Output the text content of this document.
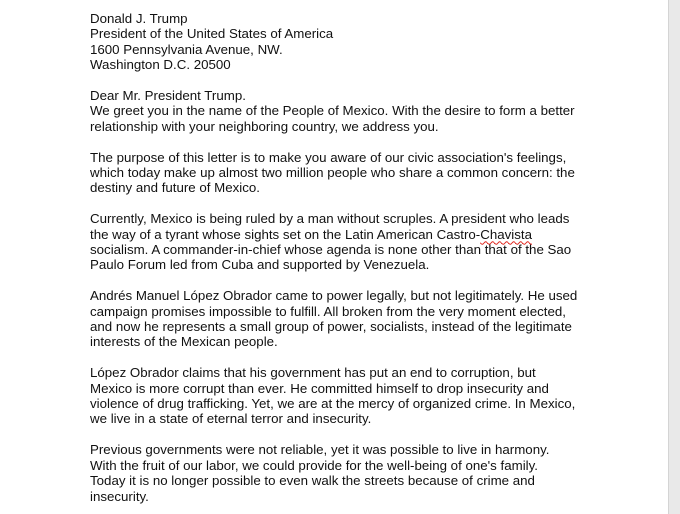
Donald J. Trump
President of the United States of America
1600 Pennsylvania Avenue, NW.
Washington D.C. 20500
Dear Mr. President Trump.
We greet you in the name of the People of Mexico. With the desire to form a better
relationship with your neighboring country, we address you.
The purpose of this letter is to make you aware of our civic association's feelings,
which today make up almost two million people who share a common concern: the
destiny and future of Mexico.
Currently, Mexico is being ruled by a man without scruples. A president who leads
the way of a tyrant whose sights set on the Latin American Castro-Chavista
socialism. A commander-in-chief whose agenda is none other than that of the Sao
Paulo Forum led from Cuba and supported by Venezuela.
Andrés Manuel López Obrador came to power legally, but not legitimately. He used
campaign promises impossible to fulfill. All broken from the very moment elected,
and now he represents a small group of power, socialists, instead of the legitimate
interests of the Mexican people.
López Obrador claims that his government has put an end to corruption, but
Mexico is more corrupt than ever. He committed himself to drop insecurity and
violence of drug trafficking. Yet, we are at the mercy of organized crime. In Mexico,
we live in a state of eternal terror and insecurity.
Previous governments were not reliable, yet it was possible to live in harmony.
With the fruit of our labor, we could provide for the well-being of one's family.
Today it is no longer possible to even walk the streets because of crime and
insecurity.
